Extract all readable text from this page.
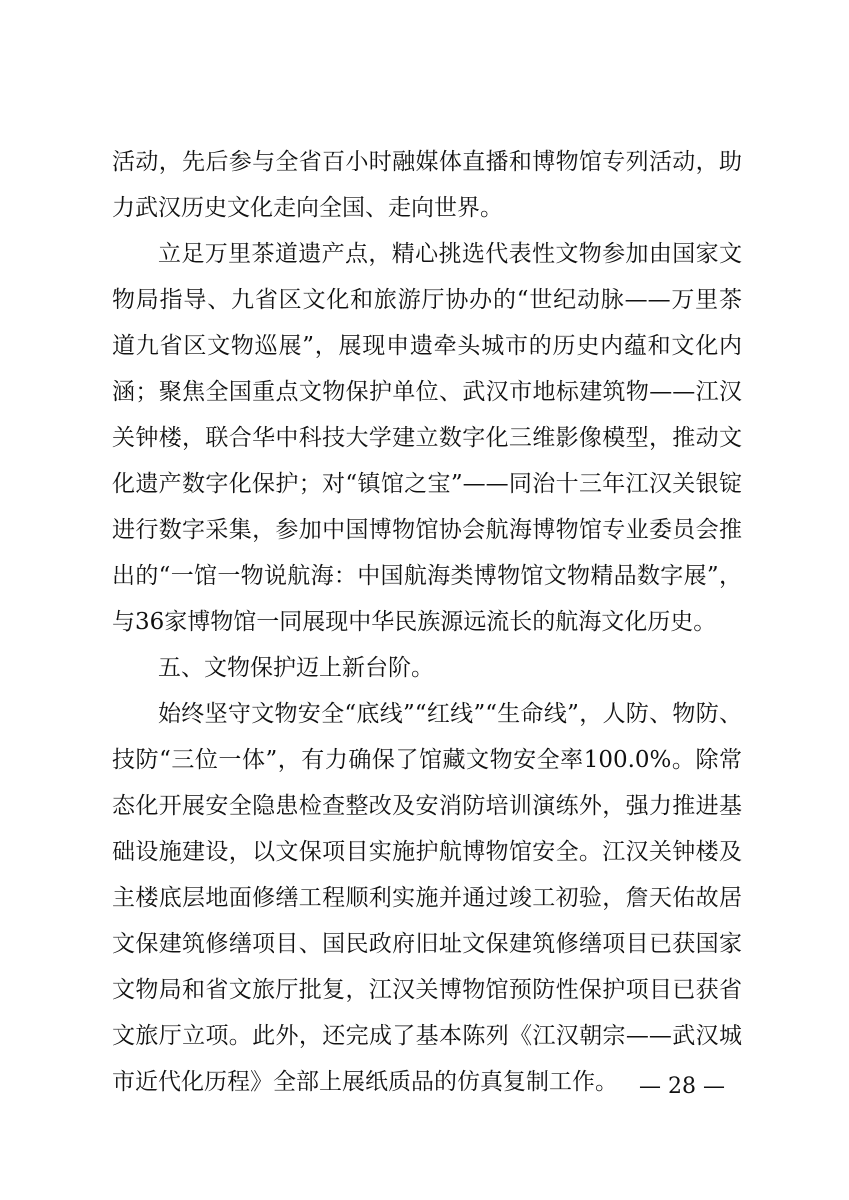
活动，先后参与全省百小时融媒体直播和博物馆专列活动，助力武汉历史文化走向全国、走向世界。

立足万里茶道遗产点，精心挑选代表性文物参加由国家文物局指导、九省区文化和旅游厅协办的“世纪动脉——万里茶道九省区文物巡展”，展现申遗牵头城市的历史内蕴和文化内涵；聚焦全国重点文物保护单位、武汉市地标建筑物——江汉关钟楼，联合华中科技大学建立数字化三维影像模型，推动文化遗产数字化保护；对“镇馆之宝”——同治十三年江汉关银锭进行数字采集，参加中国博物馆协会航海博物馆专业委员会推出的“一馆一物说航海：中国航海类博物馆文物精品数字展”，与36家博物馆一同展现中华民族源远流长的航海文化历史。

五、文物保护迈上新台阶。

始终坚守文物安全“底线”“红线”“生命线”，人防、物防、技防“三位一体”，有力确保了馆藏文物安全率100.0%。除常态化开展安全隐患检查整改及安消防培训演练外，强力推进基础设施建设，以文保项目实施护航博物馆安全。江汉关钟楼及主楼底层地面修缮工程顺利实施并通过竣工初验，詹天佑故居文保建筑修缮项目、国民政府旧址文保建筑修缮项目已获国家文物局和省文旅厅批复，江汉关博物馆预防性保护项目已获省文旅厅立项。此外，还完成了基本陈列《江汉朝宗——武汉城市近代化历程》全部上展纸质品的仿真复制工作。 — 28 —
